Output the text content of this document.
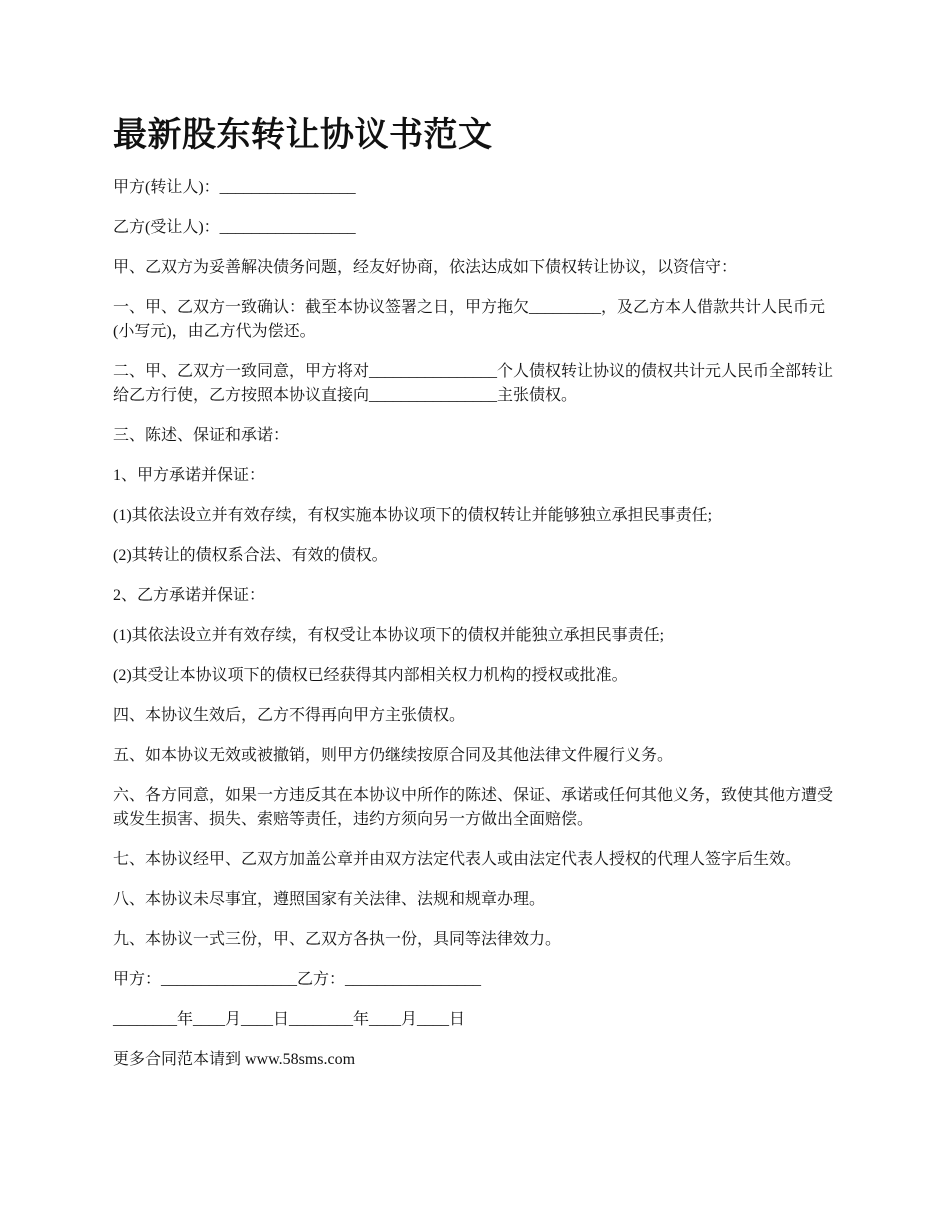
最新股东转让协议书范文

甲方(转让人)：_________________

乙方(受让人)：_________________

甲、乙双方为妥善解决债务问题，经友好协商，依法达成如下债权转让协议，以资信守：

一、甲、乙双方一致确认：截至本协议签署之日，甲方拖欠_________，及乙方本人借款共计人民币元(小写元)，由乙方代为偿还。

二、甲、乙双方一致同意，甲方将对________________个人债权转让协议的债权共计元人民币全部转让给乙方行使，乙方按照本协议直接向________________主张债权。

三、陈述、保证和承诺：

1、甲方承诺并保证：

(1)其依法设立并有效存续，有权实施本协议项下的债权转让并能够独立承担民事责任;

(2)其转让的债权系合法、有效的债权。

2、乙方承诺并保证：

(1)其依法设立并有效存续，有权受让本协议项下的债权并能独立承担民事责任;

(2)其受让本协议项下的债权已经获得其内部相关权力机构的授权或批准。

四、本协议生效后，乙方不得再向甲方主张债权。

五、如本协议无效或被撤销，则甲方仍继续按原合同及其他法律文件履行义务。

六、各方同意，如果一方违反其在本协议中所作的陈述、保证、承诺或任何其他义务，致使其他方遭受或发生损害、损失、索赔等责任，违约方须向另一方做出全面赔偿。

七、本协议经甲、乙双方加盖公章并由双方法定代表人或由法定代表人授权的代理人签字后生效。

八、本协议未尽事宜，遵照国家有关法律、法规和规章办理。

九、本协议一式三份，甲、乙双方各执一份，具同等法律效力。

甲方：_________________乙方：_________________

________年____月____日________年____月____日

更多合同范本请到 www.58sms.com
